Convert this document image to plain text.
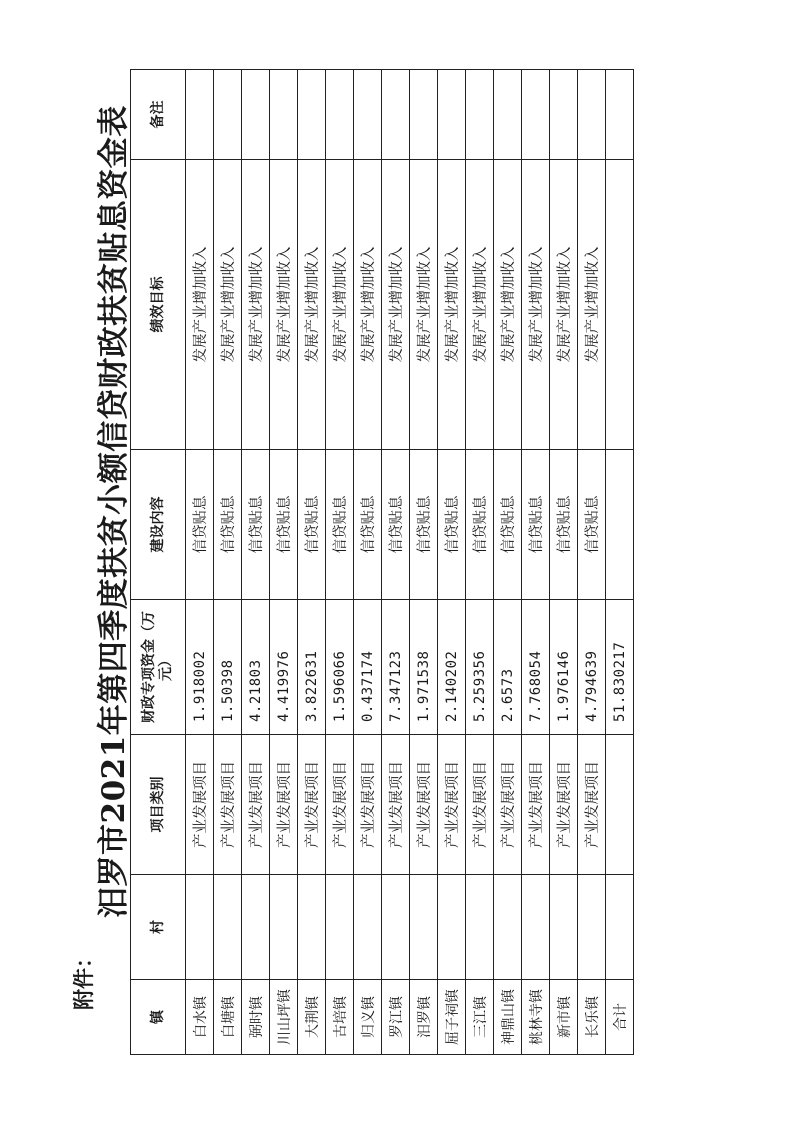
附件：
汨罗市2021年第四季度扶贫小额信贷财政扶贫贴息资金表
镇	村	项目类别	财政专项资金（万元）	建设内容	绩效目标	备注
白水镇		产业发展项目	1.918002	信贷贴息	发展产业增加收入	
白塘镇		产业发展项目	1.50398	信贷贴息	发展产业增加收入	
弼时镇		产业发展项目	4.21803	信贷贴息	发展产业增加收入	
川山坪镇		产业发展项目	4.419976	信贷贴息	发展产业增加收入	
大荆镇		产业发展项目	3.822631	信贷贴息	发展产业增加收入	
古培镇		产业发展项目	1.596066	信贷贴息	发展产业增加收入	
归义镇		产业发展项目	0.437174	信贷贴息	发展产业增加收入	
罗江镇		产业发展项目	7.347123	信贷贴息	发展产业增加收入	
汨罗镇		产业发展项目	1.971538	信贷贴息	发展产业增加收入	
屈子祠镇		产业发展项目	2.140202	信贷贴息	发展产业增加收入	
三江镇		产业发展项目	5.259356	信贷贴息	发展产业增加收入	
神鼎山镇		产业发展项目	2.6573	信贷贴息	发展产业增加收入	
桃林寺镇		产业发展项目	7.768054	信贷贴息	发展产业增加收入	
新市镇		产业发展项目	1.976146	信贷贴息	发展产业增加收入	
长乐镇		产业发展项目	4.794639	信贷贴息	发展产业增加收入	
合计			51.830217			
